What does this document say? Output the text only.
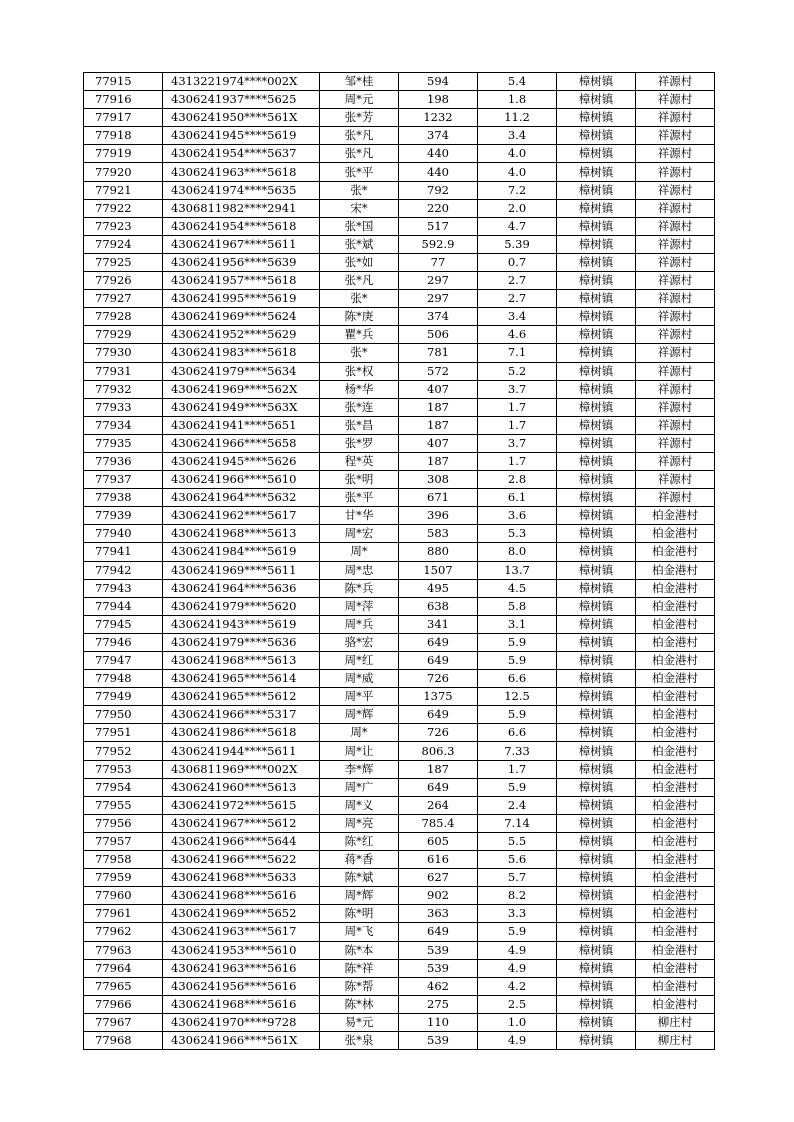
77915	4313221974****002X	邹*桂	594	5.4	樟树镇	祥源村
77916	4306241937****5625	周*元	198	1.8	樟树镇	祥源村
77917	4306241950****561X	张*芳	1232	11.2	樟树镇	祥源村
77918	4306241945****5619	张*凡	374	3.4	樟树镇	祥源村
77919	4306241954****5637	张*凡	440	4.0	樟树镇	祥源村
77920	4306241963****5618	张*平	440	4.0	樟树镇	祥源村
77921	4306241974****5635	张*	792	7.2	樟树镇	祥源村
77922	4306811982****2941	宋*	220	2.0	樟树镇	祥源村
77923	4306241954****5618	张*国	517	4.7	樟树镇	祥源村
77924	4306241967****5611	张*斌	592.9	5.39	樟树镇	祥源村
77925	4306241956****5639	张*如	77	0.7	樟树镇	祥源村
77926	4306241957****5618	张*凡	297	2.7	樟树镇	祥源村
77927	4306241995****5619	张*	297	2.7	樟树镇	祥源村
77928	4306241969****5624	陈*庚	374	3.4	樟树镇	祥源村
77929	4306241952****5629	瞿*兵	506	4.6	樟树镇	祥源村
77930	4306241983****5618	张*	781	7.1	樟树镇	祥源村
77931	4306241979****5634	张*权	572	5.2	樟树镇	祥源村
77932	4306241969****562X	杨*华	407	3.7	樟树镇	祥源村
77933	4306241949****563X	张*连	187	1.7	樟树镇	祥源村
77934	4306241941****5651	张*昌	187	1.7	樟树镇	祥源村
77935	4306241966****5658	张*罗	407	3.7	樟树镇	祥源村
77936	4306241945****5626	程*英	187	1.7	樟树镇	祥源村
77937	4306241966****5610	张*明	308	2.8	樟树镇	祥源村
77938	4306241964****5632	张*平	671	6.1	樟树镇	祥源村
77939	4306241962****5617	甘*华	396	3.6	樟树镇	柏金港村
77940	4306241968****5613	周*宏	583	5.3	樟树镇	柏金港村
77941	4306241984****5619	周*	880	8.0	樟树镇	柏金港村
77942	4306241969****5611	周*忠	1507	13.7	樟树镇	柏金港村
77943	4306241964****5636	陈*兵	495	4.5	樟树镇	柏金港村
77944	4306241979****5620	周*萍	638	5.8	樟树镇	柏金港村
77945	4306241943****5619	周*兵	341	3.1	樟树镇	柏金港村
77946	4306241979****5636	骆*宏	649	5.9	樟树镇	柏金港村
77947	4306241968****5613	周*红	649	5.9	樟树镇	柏金港村
77948	4306241965****5614	周*威	726	6.6	樟树镇	柏金港村
77949	4306241965****5612	周*平	1375	12.5	樟树镇	柏金港村
77950	4306241966****5317	周*辉	649	5.9	樟树镇	柏金港村
77951	4306241986****5618	周*	726	6.6	樟树镇	柏金港村
77952	4306241944****5611	周*让	806.3	7.33	樟树镇	柏金港村
77953	4306811969****002X	李*辉	187	1.7	樟树镇	柏金港村
77954	4306241960****5613	周*广	649	5.9	樟树镇	柏金港村
77955	4306241972****5615	周*义	264	2.4	樟树镇	柏金港村
77956	4306241967****5612	周*亮	785.4	7.14	樟树镇	柏金港村
77957	4306241966****5644	陈*红	605	5.5	樟树镇	柏金港村
77958	4306241966****5622	蒋*香	616	5.6	樟树镇	柏金港村
77959	4306241968****5633	陈*斌	627	5.7	樟树镇	柏金港村
77960	4306241968****5616	周*辉	902	8.2	樟树镇	柏金港村
77961	4306241969****5652	陈*明	363	3.3	樟树镇	柏金港村
77962	4306241963****5617	周*飞	649	5.9	樟树镇	柏金港村
77963	4306241953****5610	陈*本	539	4.9	樟树镇	柏金港村
77964	4306241963****5616	陈*祥	539	4.9	樟树镇	柏金港村
77965	4306241956****5616	陈*帮	462	4.2	樟树镇	柏金港村
77966	4306241968****5616	陈*林	275	2.5	樟树镇	柏金港村
77967	4306241970****9728	易*元	110	1.0	樟树镇	柳庄村
77968	4306241966****561X	张*泉	539	4.9	樟树镇	柳庄村
